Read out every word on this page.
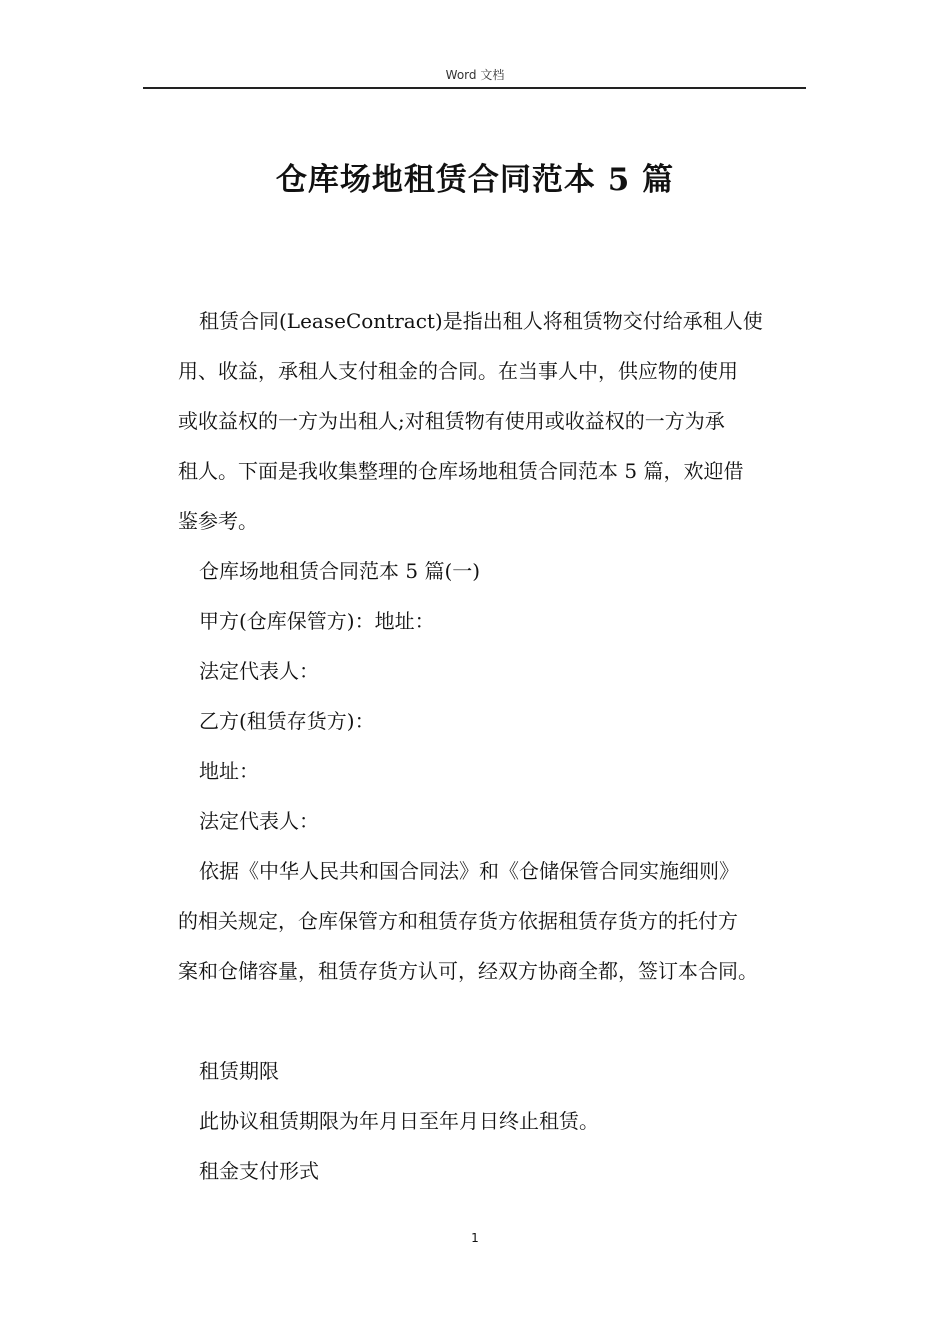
Word 文档
仓库场地租赁合同范本 5 篇
租赁合同(LeaseContract)是指出租人将租赁物交付给承租人使
用、收益，承租人支付租金的合同。在当事人中，供应物的使用
或收益权的一方为出租人;对租赁物有使用或收益权的一方为承
租人。下面是我收集整理的仓库场地租赁合同范本 5 篇，欢迎借
鉴参考。
仓库场地租赁合同范本 5 篇(一)
甲方(仓库保管方)：地址：
法定代表人：
乙方(租赁存货方)：
地址：
法定代表人：
依据《中华人民共和国合同法》和《仓储保管合同实施细则》
的相关规定，仓库保管方和租赁存货方依据租赁存货方的托付方
案和仓储容量，租赁存货方认可，经双方协商全都，签订本合同。
租赁期限
此协议租赁期限为年月日至年月日终止租赁。
租金支付形式
1
